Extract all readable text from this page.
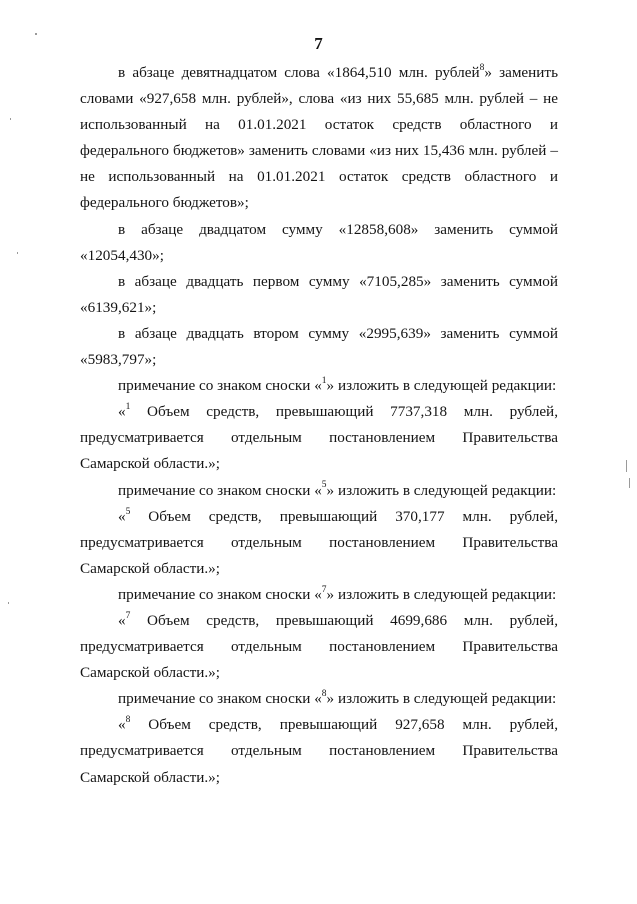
7

в абзаце девятнадцатом слова «1864,510 млн. рублей$^8$» заменить словами «927,658 млн. рублей», слова «из них 55,685 млн. рублей – не использованный на 01.01.2021 остаток средств областного и федерального бюджетов» заменить словами «из них 15,436 млн. рублей – не использованный на 01.01.2021 остаток средств областного и федерального бюджетов»;

в абзаце двадцатом сумму «12858,608» заменить суммой «12054,430»;

в абзаце двадцать первом сумму «7105,285» заменить суммой «6139,621»;

в абзаце двадцать втором сумму «2995,639» заменить суммой «5983,797»;

примечание со знаком сноски «$^1$» изложить в следующей редакции:

«$^1$ Объем средств, превышающий 7737,318 млн. рублей, предусматривается отдельным постановлением Правительства Самарской области.»;

примечание со знаком сноски «$^5$» изложить в следующей редакции:

«$^5$ Объем средств, превышающий 370,177 млн. рублей, предусматривается отдельным постановлением Правительства Самарской области.»;

примечание со знаком сноски «$^7$» изложить в следующей редакции:

«$^7$ Объем средств, превышающий 4699,686 млн. рублей, предусматривается отдельным постановлением Правительства Самарской области.»;

примечание со знаком сноски «$^8$» изложить в следующей редакции:

«$^8$ Объем средств, превышающий 927,658 млн. рублей, предусматривается отдельным постановлением Правительства Самарской области.»;
